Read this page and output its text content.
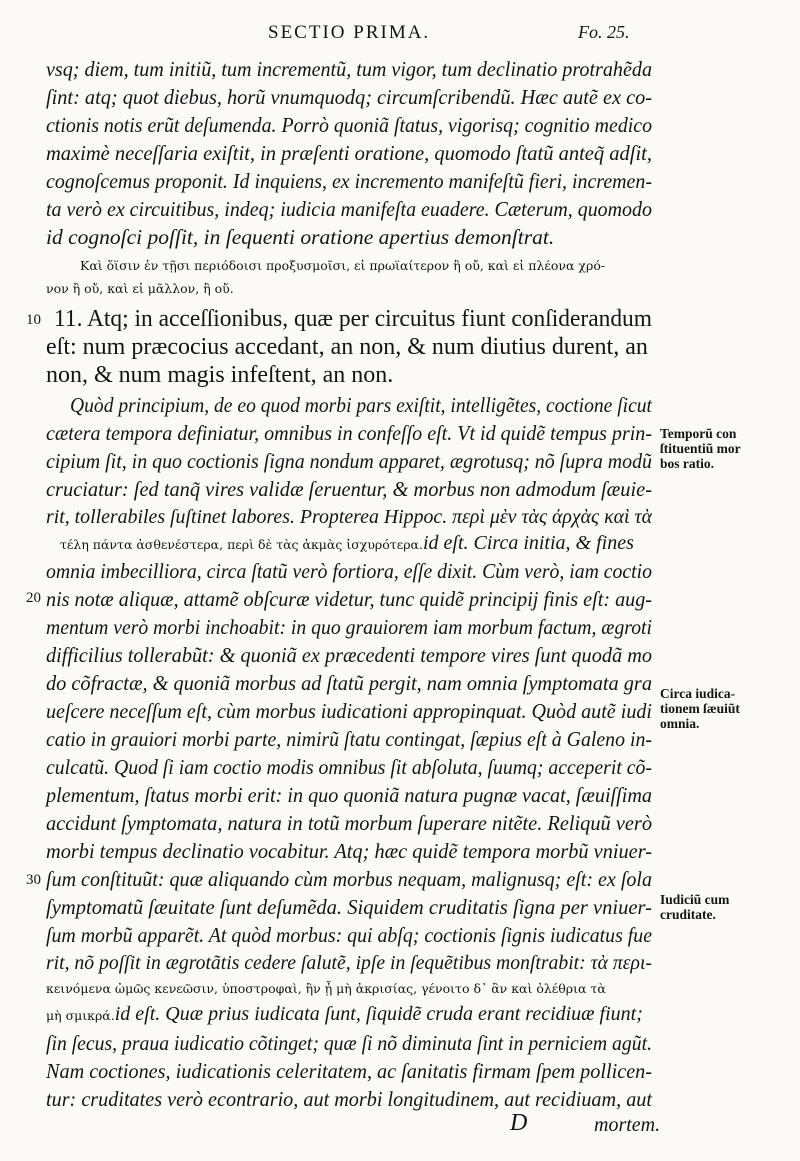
SECTIO PRIMA.	Fo. 25.
vsq; diem, tum initiũ, tum incrementũ, tum vigor, tum declinatio protrahẽda
ſint: atq; quot diebus, horũ vnumquodq; circumſcribendũ. Hæc autẽ ex co-
ctionis notis erũt deſumenda. Porrò quoniã ſtatus, vigorisq; cognitio medico
maximè neceſſaria exiſtit, in præſenti oratione, quomodo ſtatũ anteq̃ adſit,
cognoſcemus proponit. Id inquiens, ex incremento manifeſtũ fieri, incremen-
ta verò ex circuitibus, indeq; iudicia manifeſta euadere. Cæterum, quomodo
id cognoſci poſſit, in ſequenti oratione apertius demonſtrat.
Καὶ ὅϊσιν ἐν τῇσι περιόδοισι προξυσμοῖσι, εἰ πρωϊαίτερον ἢ οὔ, καὶ εἰ πλέονα χρό-
νον ἢ οὔ, καὶ εἰ μᾶλλον, ἢ οὔ.
10 11. Atq; in acceſſionibus, quæ per circuitus fiunt conſiderandum
eſt: num præcocius accedant, an non, & num diutius durent, an
non, & num magis infeſtent, an non.
Quòd principium, de eo quod morbi pars exiſtit, intelligẽtes, coctione ſicut
cætera tempora definiatur, omnibus in confeſſo eſt. Vt id quidẽ tempus prin-
cipium ſit, in quo coctionis ſigna nondum apparet, ægrotusq; nõ ſupra modũ
cruciatur: ſed tanq̃ vires validæ ſeruentur, & morbus non admodum ſæuie-
rit, tollerabiles ſuſtinet labores. Propterea Hippoc. περὶ μὲν τὰς ἀρχὰς καὶ τὰ
τέλη πάντα ἀσθενέστερα, περὶ δὲ τὰς ἀκμὰς ἰσχυρότερα.id eſt. Circa initia, & fines
omnia imbecilliora, circa ſtatũ verò fortiora, eſſe dixit. Cùm verò, iam coctio
20 nis notæ aliquæ, attamẽ obſcuræ videtur, tunc quidẽ principij finis eſt: aug-
mentum verò morbi inchoabit: in quo grauiorem iam morbum factum, ægroti
difficilius tollerabũt: & quoniã ex præcedenti tempore vires ſunt quodã mo
do cõfractæ, & quoniã morbus ad ſtatũ pergit, nam omnia ſymptomata gra
ueſcere neceſſum eſt, cùm morbus iudicationi appropinquat. Quòd autẽ iudi
catio in grauiori morbi parte, nimirũ ſtatu contingat, ſæpius eſt à Galeno in-
culcatũ. Quod ſi iam coctio modis omnibus ſit abſoluta, ſuumq; acceperit cõ-
plementum, ſtatus morbi erit: in quo quoniã natura pugnæ vacat, ſæuiſſima
accidunt ſymptomata, natura in totũ morbum ſuperare nitẽte. Reliquũ verò
morbi tempus declinatio vocabitur. Atq; hæc quidẽ tempora morbũ vniuer-
30 ſum conſtituũt: quæ aliquando cùm morbus nequam, malignusq; eſt: ex ſola
ſymptomatũ ſæuitate ſunt deſumẽda. Siquidem cruditatis ſigna per vniuer-
ſum morbũ apparẽt. At quòd morbus: qui abſq; coctionis ſignis iudicatus fue
rit, nõ poſſit in ægrotãtis cedere ſalutẽ, ipſe in ſequẽtibus monſtrabit: τὰ περι-
κεινόμενα ὠμῶς κενεῶσιν, ὑποστροφαὶ, ἢν ᾖ μὴ ἀκρισίας, γένοιτο δ᾽ ἂν καὶ ὀλέθρια τὰ
μὴ σμικρά.id eſt. Quæ prius iudicata ſunt, ſiquidẽ cruda erant recidiuæ fiunt;
ſin ſecus, praua iudicatio cõtinget; quæ ſi nõ diminuta ſint in perniciem agũt.
Nam coctiones, iudicationis celeritatem, ac ſanitatis firmam ſpem pollicen-
tur: cruditates verò econtrario, aut morbi longitudinem, aut recidiuam, aut
D	mortem.
Temporũ con
ſtituentiũ mor
bos ratio.
Circa iudica-
tionem ſæuiũt
omnia.
Iudiciũ cum
cruditate.
